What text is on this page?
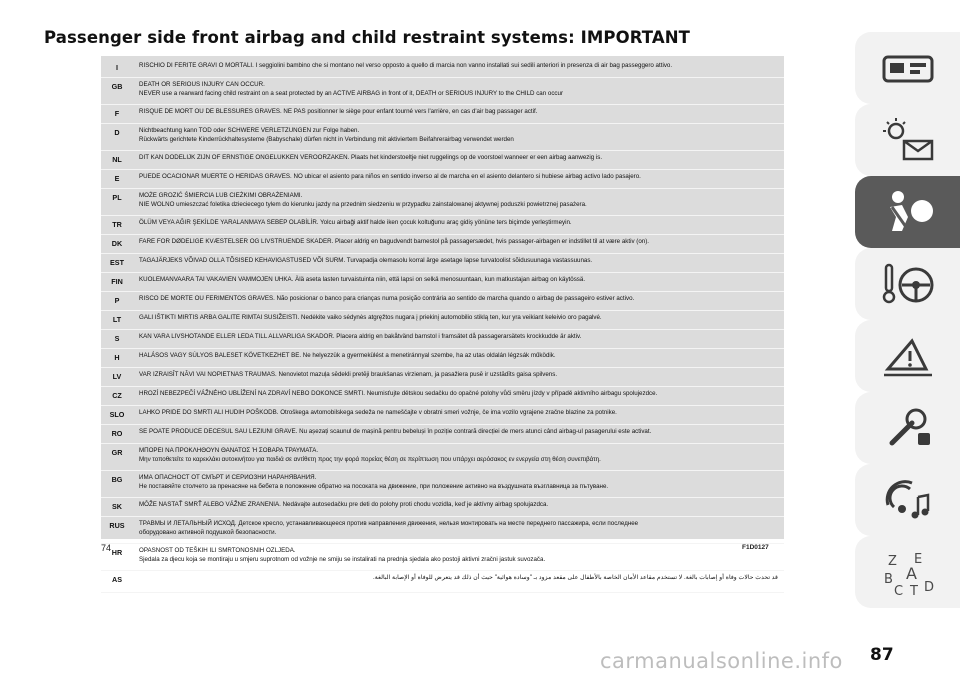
Passenger side front airbag and child restraint systems: IMPORTANT
I	RISCHIO DI FERITE GRAVI O MORTALI. I seggiolini bambino che si montano nel verso opposto a quello di marcia non vanno installati sui sedili anteriori in presenza di air bag passeggero attivo.
GB	DEATH OR SERIOUS INJURY CAN OCCUR.
NEVER use a rearward facing child restraint on a seat protected by an ACTIVE AIRBAG in front of it, DEATH or SERIOUS INJURY to the CHILD can occur
F	RISQUE DE MORT OU DE BLESSURES GRAVES. NE PAS positionner le siège pour enfant tourné vers l'arrière, en cas d'air bag passager actif.
D	Nichtbeachtung kann TOD oder SCHWERE VERLETZUNGEN zur Folge haben.
Rückwärts gerichtete Kinderrückhaltesysteme (Babyschale) dürfen nicht in Verbindung mit aktiviertem Beifahrerairbag verwendet werden
NL	DIT KAN DODELIJK ZIJN OF ERNSTIGE ONGELUKKEN VEROORZAKEN. Plaats het kinderstoeltje niet ruggelings op de voorstoel wanneer er een airbag aanwezig is.
E	PUEDE OCACIONAR MUERTE O HERIDAS GRAVES. NO ubicar el asiento para niños en sentido inverso al de marcha en el asiento delantero si hubiese airbag activo lado pasajero.
PL	MOŻE GROZIĆ ŚMIERCIA LUB CIEŻKIMI OBRAŻENIAMI.
NIE WOLNO umieszczać foletika dzieciecego tylem do kierunku jazdy na przednim siedzeniu w przypadku zainstalowanej aktywnej poduszki powietrznej pasażera.
TR	ÖLÜM VEYA AĞIR ŞEKİLDE YARALANMAYA SEBEP OLABİLİR. Yolcu airbaği aktif halde iken çocuk koltuğunu araç gidiş yönüne ters biçimde yerleştirmeyin.
DK	FARE FOR DØDELIGE KVÆSTELSER OG LIVSTRUENDE SKADER. Placer aldrig en bagudvendt barnestol på passagersædet, hvis passager-airbagen er indstillet til at være aktiv (on).
EST	TAGAJÄRJEKS VÕIVAD OLLA TÕSISED KEHAVIGASTUSED VÕI SURM. Turvapadja olemasolu korral ärge asetage lapse turvatoolist sõidusuunaga vastassuunas.
FIN	KUOLEMANVAARA TAI VAKAVIEN VAMMOJEN UHKA. Älä aseta lasten turvaistuinta niin, että lapsi on selkä menosuuntaan, kun matkustajan airbag on käytössä.
P	RISCO DE MORTE OU FERIMENTOS GRAVES. Não posicionar o banco para crianças numa posição contrária ao sentido de marcha quando o airbag de passageiro estiver activo.
LT	GALI IŠTIKTI MIRTIS ARBA GALITE RIMTAI SUSIŽEISTI. Nedėkite vaiko sėdynės atgręžtos nugara į priekinį automobilio stiklą ten, kur yra veikiant keleivio oro pagalvė.
S	KAN VARA LIVSHOTANDE ELLER LEDA TILL ALLVARLIGA SKADOR. Placera aldrig en bakåtvänd barnstol i framsätet då passagerarsätets krockkudde är aktiv.
H	HALÁSOS VAGY SÚLYOS BALESET KÖVETKEZHET BE. Ne helyezzük a gyermekülést a menetiránnyal szembe, ha az utas oldalán légzsák működik.
LV	VAR IZRAISĪT NĀVI VAI NOPIETNAS TRAUMAS. Nenovietot mazuļa sēdekli pretēji braukšanas virzienam, ja pasažiera pusē ir uzstādīts gaisa spilvens.
CZ	HROZÍ NEBEZPEČÍ VÁŽNÉHO UBLÍŽENÍ NA ZDRAVÍ NEBO DOKONCE SMRTI. Neumisťujte dětskou sedačku do opačné polohy vůči směru jízdy v případě aktivního airbagu spolujezdce.
SLO	LAHKO PRIDE DO SMRTI ALI HUDIH POŠKODB. Otroškega avtomobilskega sedeža ne nameščajte v obratni smeri vožnje, če ima vozilo vgrajene zračne blazine za potnike.
RO	SE POATE PRODUCE DECESUL SAU LEZIUNI GRAVE. Nu așezați scaunul de mașină pentru bebeluși în poziție contrară direcției de mers atunci când airbag-ul pasagerului este activat.
GR	ΜΠΟΡΕΙ ΝΑ ΠΡΟΚΛΗΘΟΥΝ ΘΑΝΑΤΟΣ Ή ΣΟΒΑΡΑ ΤΡΑΥΜΑΤΑ.
Μην τοποθετείτε το καρεκλάκι αυτοκινήτου για παιδιά σε αντίθετη προς την φορά πορείας θέση σε περίπτωση που υπάρχει αερόσακος εν ενεργεία στη θέση συνεπιβάτη.
BG	ИМА ОПАСНОСТ ОТ СМЪРТ И СЕРИОЗНИ НАРАНЯВАНИЯ.
Не поставяйте столчето за пренасяне на бебета в положение обратно на посоката на движение, при положение активно на въздушната възглавница за пътуване.
SK	MÔŽE NASTAŤ SMRŤ ALEBO VÁŽNE ZRANENIA. Nedávajte autosedačku pre deti do polohy proti chodu vozidla, keď je aktívny airbag spolujazdca.
RUS	ТРАВМЫ И ЛЕТАЛЬНЫЙ ИСХОД. Детское кресло, устанавливающееся против направления движения, нельзя монтировать на месте переднего пассажира, если последнее
оборудовано активной подушкой безопасности.
HR	OPASNOST OD TEŠKIH ILI SMRTONOSNIH OZLJEDA.
Sjedala za djecu koja se montiraju u smjeru suprotnom od vožnje ne smiju se instalirati na prednja sjedala ako postoji aktivni zračni jastuk suvozača.
AS	قد تحدث حالات وفاة أو إصابات بالغة. لا تستخدم مقاعد الأمان الخاصة بالأطفال على مقعد مزود بـ "وسادة هوائية" حيث أن ذلك قد يتعرض للوفاة أو الإصابة البالغة.
74	F1D0127
Z E
B A
C T D
carmanualsonline.info 87
